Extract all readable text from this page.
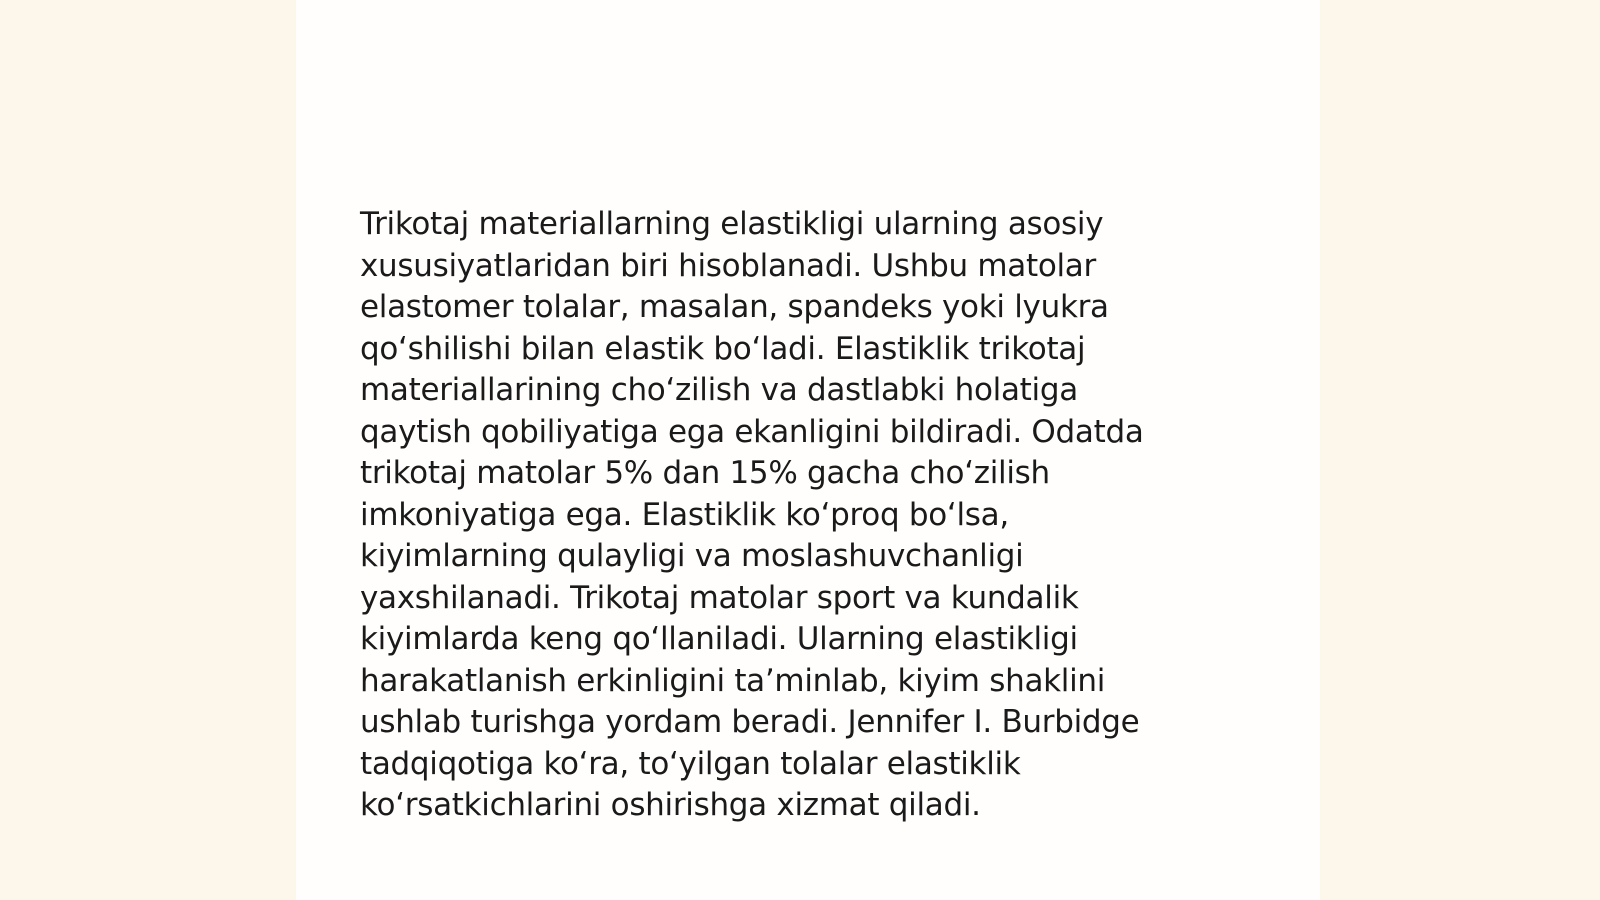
Trikotaj materiallarning elastikligi ularning asosiy
xususiyatlaridan biri hisoblanadi. Ushbu matolar
elastomer tolalar, masalan, spandeks yoki lyukra
qoʻshilishi bilan elastik boʻladi. Elastiklik trikotaj
materiallarining choʻzilish va dastlabki holatiga
qaytish qobiliyatiga ega ekanligini bildiradi. Odatda
trikotaj matolar 5% dan 15% gacha choʻzilish
imkoniyatiga ega. Elastiklik koʻproq boʻlsa,
kiyimlarning qulayligi va moslashuvchanligi
yaxshilanadi. Trikotaj matolar sport va kundalik
kiyimlarda keng qoʻllaniladi. Ularning elastikligi
harakatlanish erkinligini taʼminlab, kiyim shaklini
ushlab turishga yordam beradi. Jennifer I. Burbidge
tadqiqotiga koʻra, toʻyilgan tolalar elastiklik
koʻrsatkichlarini oshirishga xizmat qiladi.
